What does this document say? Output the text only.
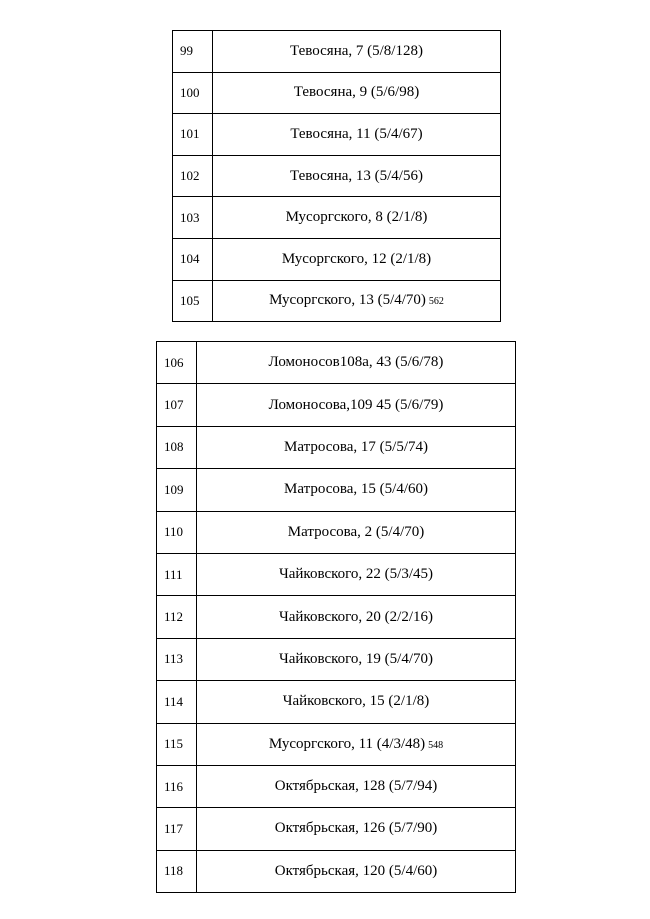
99	Тевосяна, 7 (5/8/128)
100	Тевосяна, 9 (5/6/98)
101	Тевосяна, 11 (5/4/67)
102	Тевосяна, 13 (5/4/56)
103	Мусоргского, 8 (2/1/8)
104	Мусоргского, 12 (2/1/8)
105	Мусоргского, 13 (5/4/70) 562
106	Ломоносов108а, 43 (5/6/78)
107	Ломоносова,109 45 (5/6/79)
108	Матросова, 17 (5/5/74)
109	Матросова, 15 (5/4/60)
110	Матросова, 2 (5/4/70)
111	Чайковского, 22 (5/3/45)
112	Чайковского, 20 (2/2/16)
113	Чайковского, 19 (5/4/70)
114	Чайковского, 15 (2/1/8)
115	Мусоргского, 11 (4/3/48) 548
116	Октябрьская, 128 (5/7/94)
117	Октябрьская, 126 (5/7/90)
118	Октябрьская, 120 (5/4/60)
